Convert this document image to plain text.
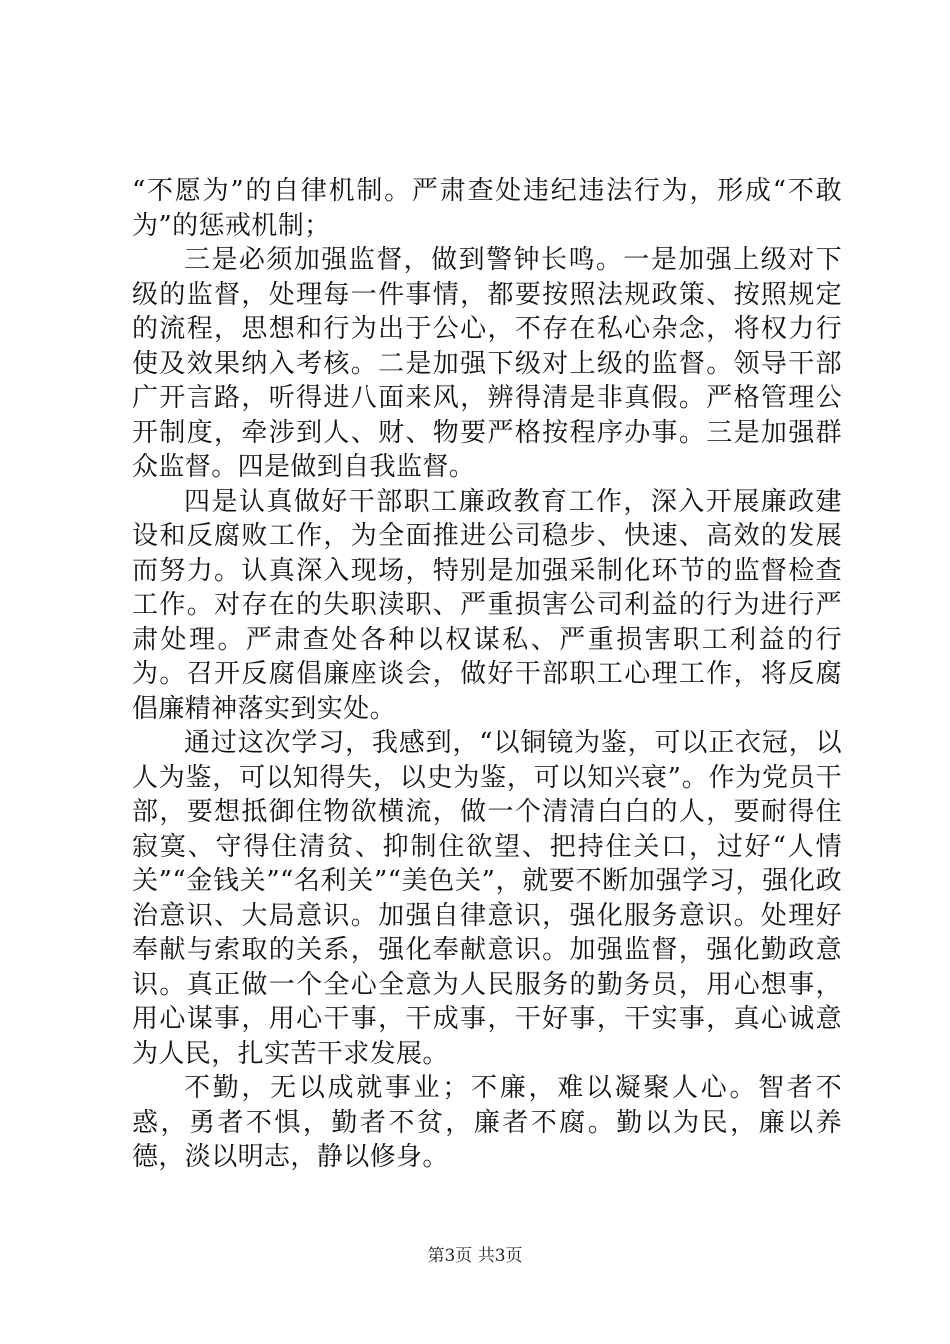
“不愿为”的自律机制。严肃查处违纪违法行为，形成“不敢为”的惩戒机制；

三是必须加强监督，做到警钟长鸣。一是加强上级对下级的监督，处理每一件事情，都要按照法规政策、按照规定的流程，思想和行为出于公心，不存在私心杂念，将权力行使及效果纳入考核。二是加强下级对上级的监督。领导干部广开言路，听得进八面来风，辨得清是非真假。严格管理公开制度，牵涉到人、财、物要严格按程序办事。三是加强群众监督。四是做到自我监督。

四是认真做好干部职工廉政教育工作，深入开展廉政建设和反腐败工作，为全面推进公司稳步、快速、高效的发展而努力。认真深入现场，特别是加强采制化环节的监督检查工作。对存在的失职渎职、严重损害公司利益的行为进行严肃处理。严肃查处各种以权谋私、严重损害职工利益的行为。召开反腐倡廉座谈会，做好干部职工心理工作，将反腐倡廉精神落实到实处。

通过这次学习，我感到，“以铜镜为鉴，可以正衣冠，以人为鉴，可以知得失，以史为鉴，可以知兴衰”。作为党员干部，要想抵御住物欲横流，做一个清清白白的人，要耐得住寂寞、守得住清贫、抑制住欲望、把持住关口，过好“人情关”“金钱关”“名利关”“美色关”，就要不断加强学习，强化政治意识、大局意识。加强自律意识，强化服务意识。处理好奉献与索取的关系，强化奉献意识。加强监督，强化勤政意识。真正做一个全心全意为人民服务的勤务员，用心想事，用心谋事，用心干事，干成事，干好事，干实事，真心诚意为人民，扎实苦干求发展。

不勤，无以成就事业；不廉，难以凝聚人心。智者不惑，勇者不惧，勤者不贫，廉者不腐。勤以为民，廉以养德，淡以明志，静以修身。

第3页 共3页
